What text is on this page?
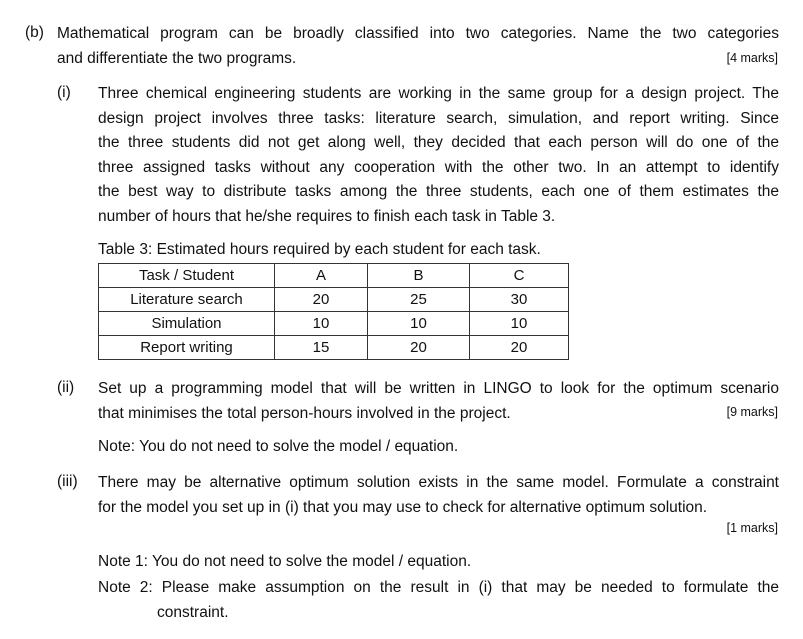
(b) Mathematical program can be broadly classified into two categories. Name the two categories
and differentiate the two programs.	[4 marks]
(i) Three chemical engineering students are working in the same group for a design project. The
design project involves three tasks: literature search, simulation, and report writing. Since
the three students did not get along well, they decided that each person will do one of the
three assigned tasks without any cooperation with the other two. In an attempt to identify
the best way to distribute tasks among the three students, each one of them estimates the
number of hours that he/she requires to finish each task in Table 3.
Table 3: Estimated hours required by each student for each task.
Task / Student	A	B	C
Literature search	20	25	30
Simulation	10	10	10
Report writing	15	20	20
(ii) Set up a programming model that will be written in LINGO to look for the optimum scenario
that minimises the total person-hours involved in the project.	[9 marks]
Note: You do not need to solve the model / equation.
(iii) There may be alternative optimum solution exists in the same model. Formulate a constraint
for the model you set up in (i) that you may use to check for alternative optimum solution.
[1 marks]
Note 1: You do not need to solve the model / equation.
Note 2: Please make assumption on the result in (i) that may be needed to formulate the
constraint.
